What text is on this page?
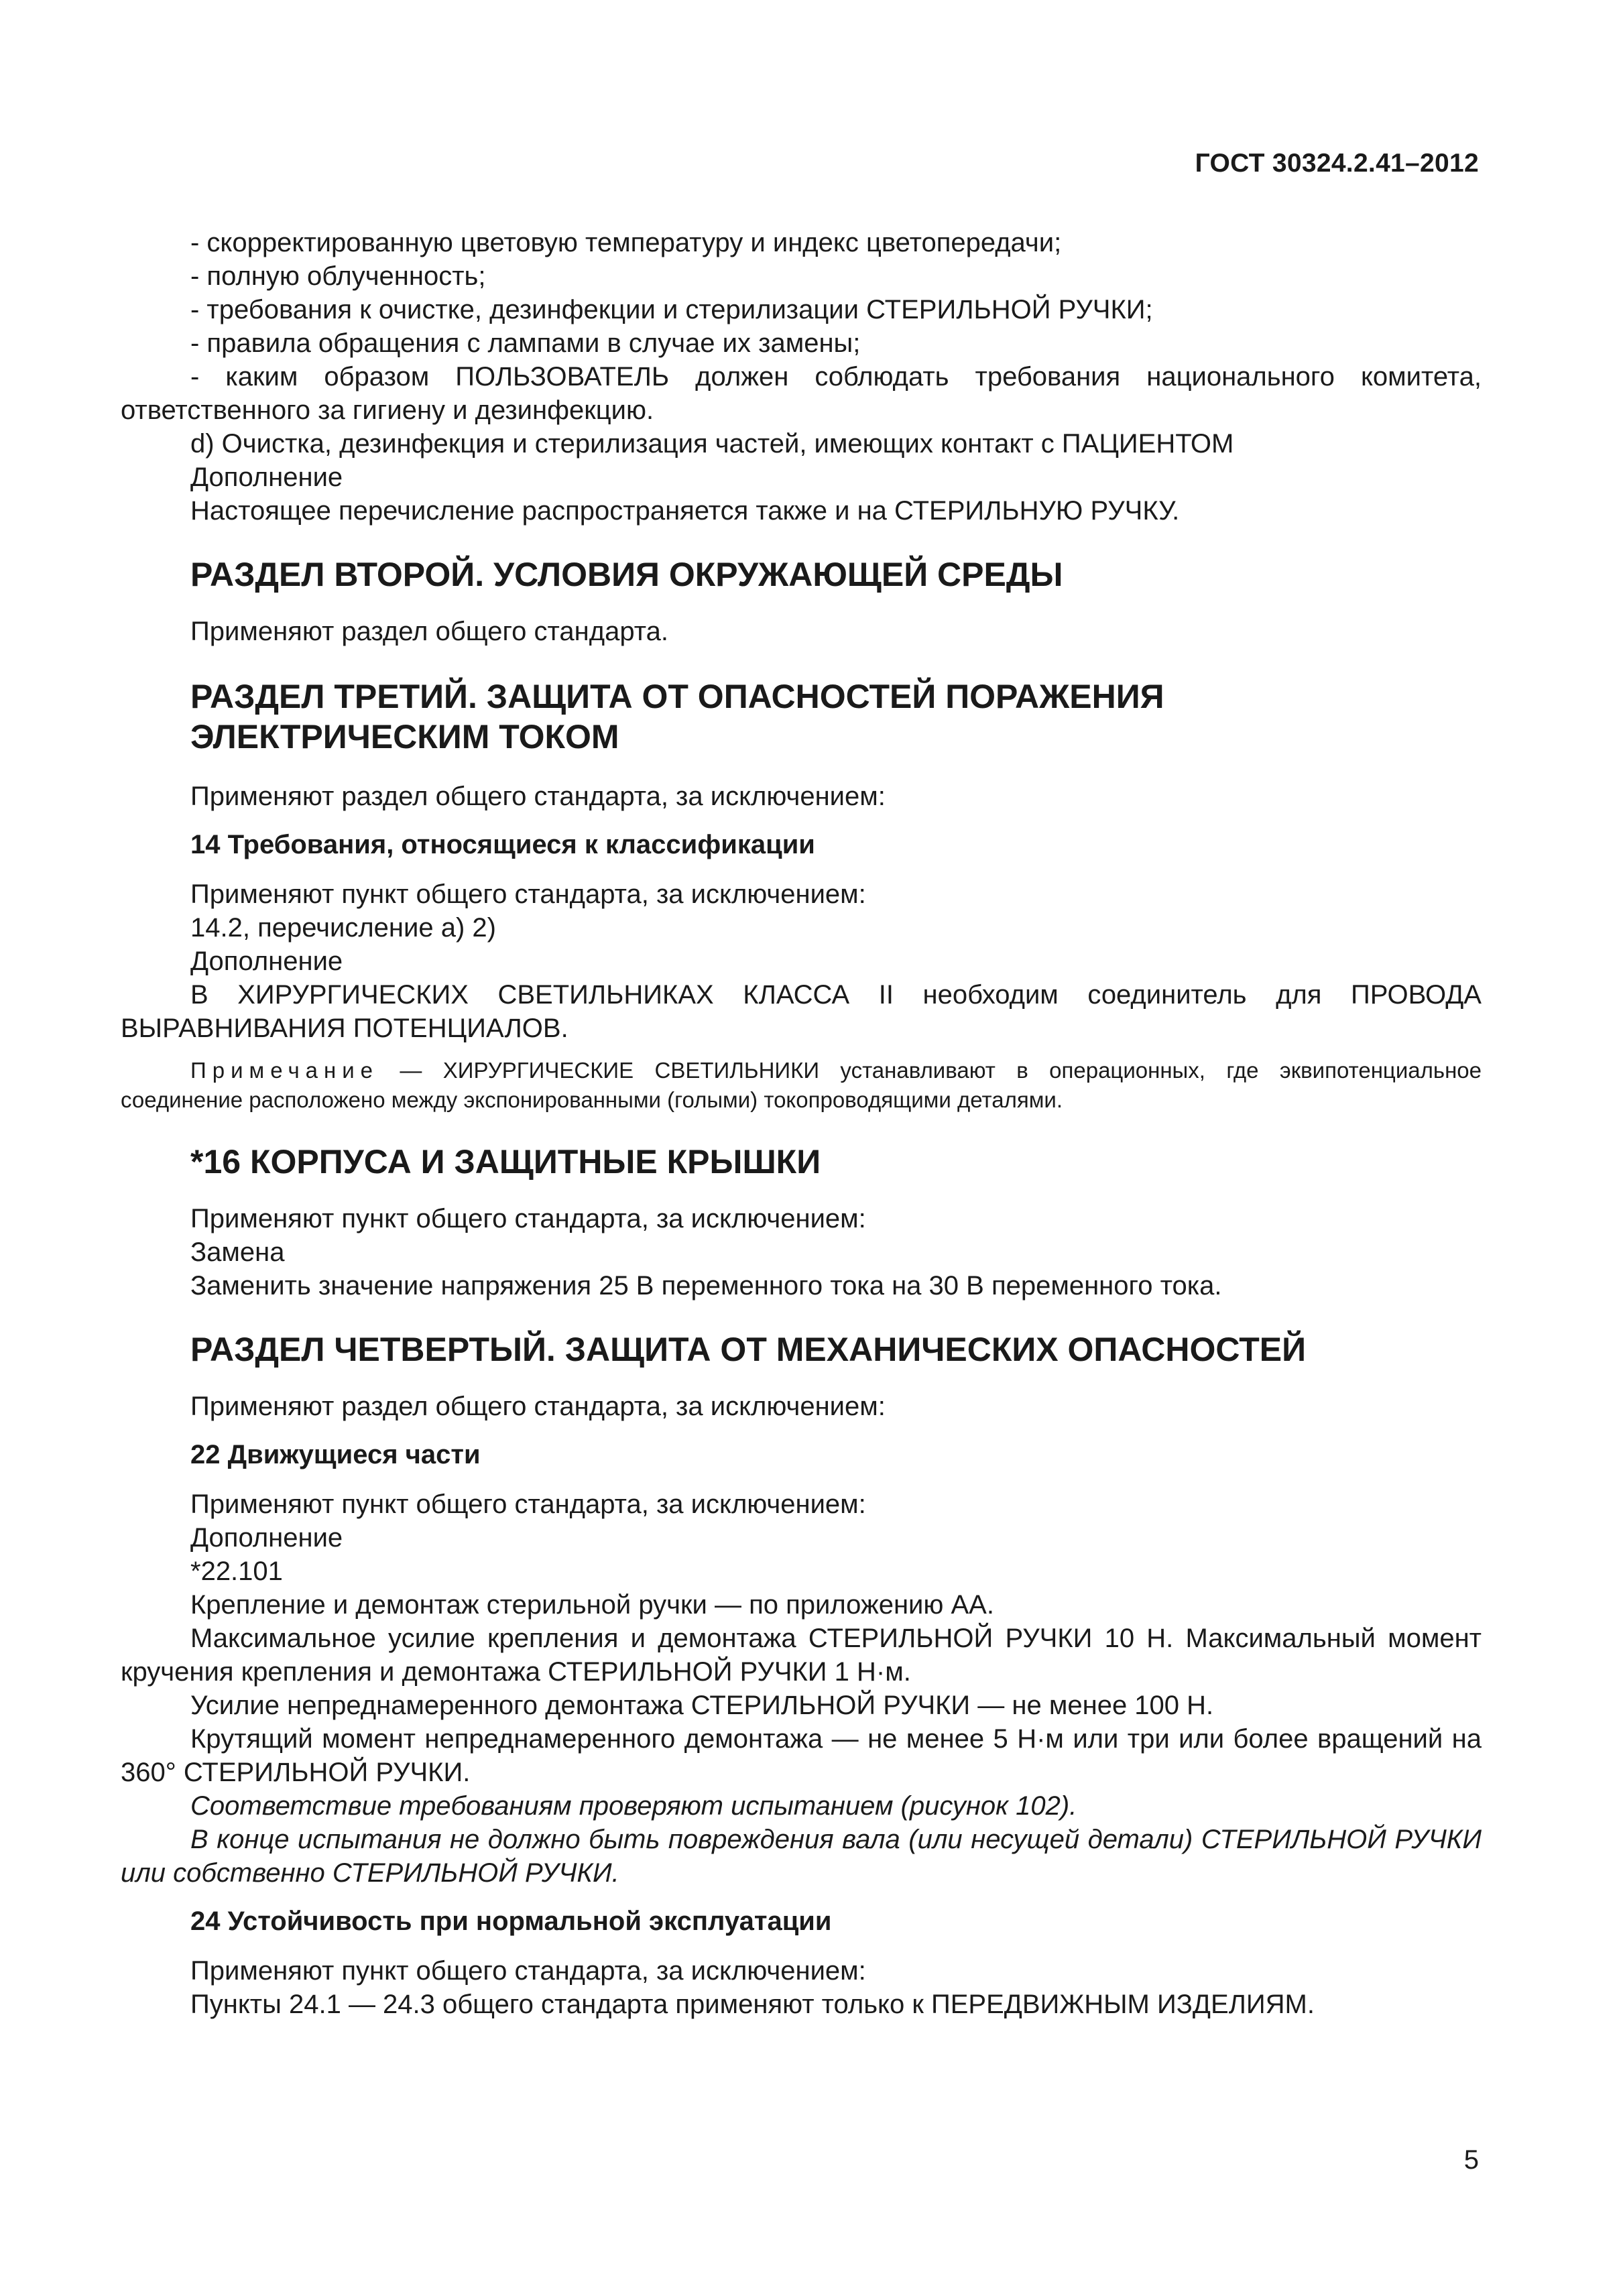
ГОСТ 30324.2.41–2012

- скорректированную цветовую температуру и индекс цветопередачи;

- полную облученность;

- требования к очистке, дезинфекции и стерилизации СТЕРИЛЬНОЙ РУЧКИ;

- правила обращения с лампами в случае их замены;

- каким образом ПОЛЬЗОВАТЕЛЬ должен соблюдать требования национального комитета, ответственного за гигиену и дезинфекцию.

d) Очистка, дезинфекция и стерилизация частей, имеющих контакт с ПАЦИЕНТОМ

Дополнение

Настоящее перечисление распространяется также и на СТЕРИЛЬНУЮ РУЧКУ.

РАЗДЕЛ ВТОРОЙ. УСЛОВИЯ ОКРУЖАЮЩЕЙ СРЕДЫ

Применяют раздел общего стандарта.

РАЗДЕЛ ТРЕТИЙ. ЗАЩИТА ОТ ОПАСНОСТЕЙ ПОРАЖЕНИЯ
ЭЛЕКТРИЧЕСКИМ ТОКОМ

Применяют раздел общего стандарта, за исключением:

14 Требования, относящиеся к классификации

Применяют пункт общего стандарта, за исключением:

14.2, перечисление a) 2)

Дополнение

В ХИРУРГИЧЕСКИХ СВЕТИЛЬНИКАХ КЛАССА II необходим соединитель для ПРОВОДА ВЫРАВНИВАНИЯ ПОТЕНЦИАЛОВ.

Примечание — ХИРУРГИЧЕСКИЕ СВЕТИЛЬНИКИ устанавливают в операционных, где эквипотенциальное соединение расположено между экспонированными (голыми) токопроводящими деталями.

*16 КОРПУСА И ЗАЩИТНЫЕ КРЫШКИ

Применяют пункт общего стандарта, за исключением:

Замена

Заменить значение напряжения 25 В переменного тока на 30 В переменного тока.

РАЗДЕЛ ЧЕТВЕРТЫЙ. ЗАЩИТА ОТ МЕХАНИЧЕСКИХ ОПАСНОСТЕЙ

Применяют раздел общего стандарта, за исключением:

22 Движущиеся части

Применяют пункт общего стандарта, за исключением:

Дополнение

*22.101

Крепление и демонтаж стерильной ручки — по приложению АА.

Максимальное усилие крепления и демонтажа СТЕРИЛЬНОЙ РУЧКИ 10 Н. Максимальный момент кручения крепления и демонтажа СТЕРИЛЬНОЙ РУЧКИ 1 Н·м.

Усилие непреднамеренного демонтажа СТЕРИЛЬНОЙ РУЧКИ — не менее 100 Н.

Крутящий момент непреднамеренного демонтажа — не менее 5 Н·м или три или более вращений на 360° СТЕРИЛЬНОЙ РУЧКИ.

Соответствие требованиям проверяют испытанием (рисунок 102).

В конце испытания не должно быть повреждения вала (или несущей детали) СТЕРИЛЬНОЙ РУЧКИ или собственно СТЕРИЛЬНОЙ РУЧКИ.

24 Устойчивость при нормальной эксплуатации

Применяют пункт общего стандарта, за исключением:

Пункты 24.1 — 24.3 общего стандарта применяют только к ПЕРЕДВИЖНЫМ ИЗДЕЛИЯМ.

5
